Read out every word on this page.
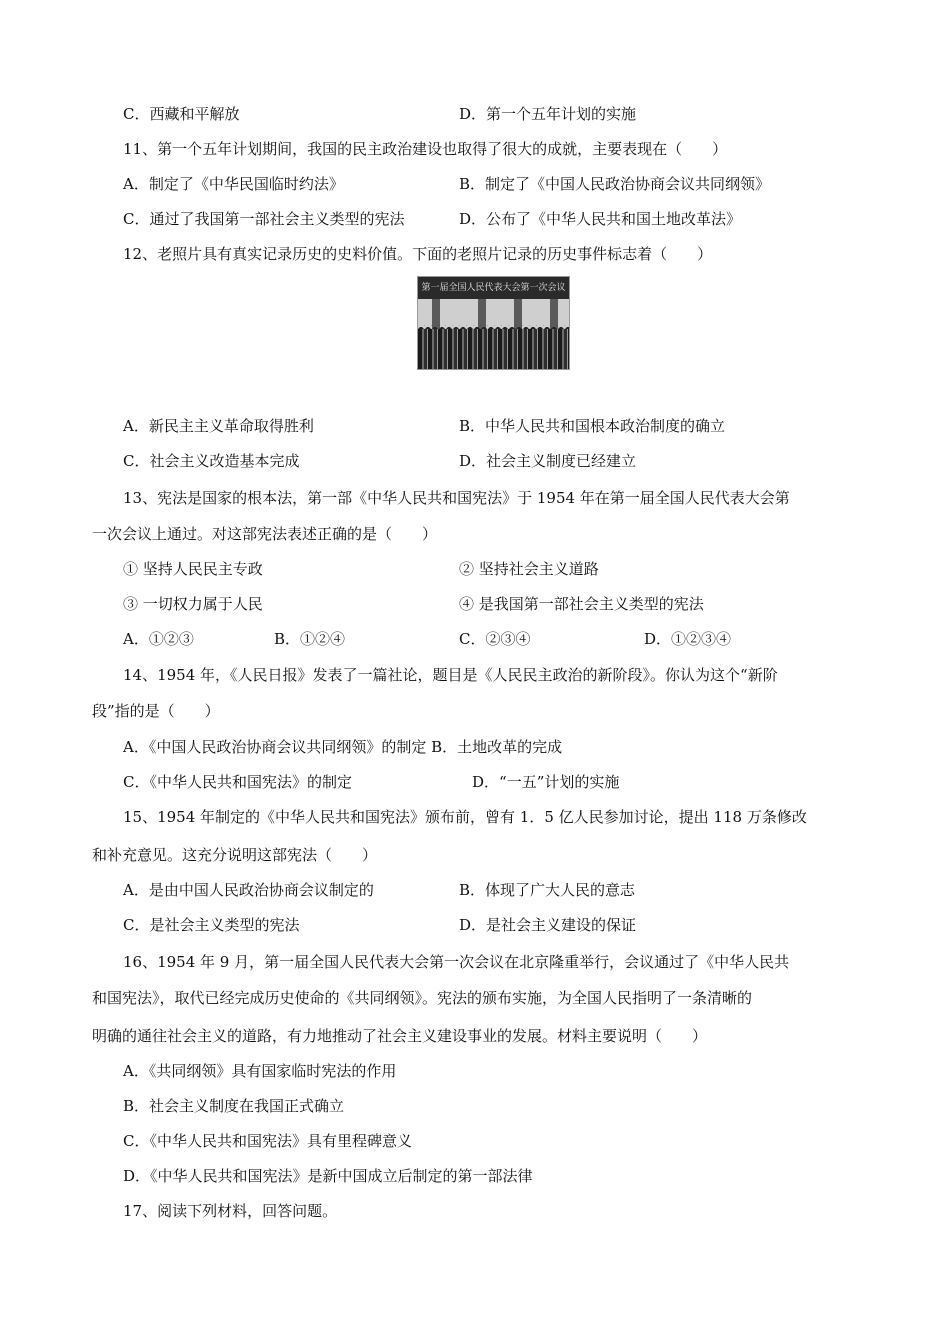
C．西藏和平解放	D．第一个五年计划的实施
11、第一个五年计划期间，我国的民主政治建设也取得了很大的成就，主要表现在（　　）
A．制定了《中华民国临时约法》	B．制定了《中国人民政治协商会议共同纲领》
C．通过了我国第一部社会主义类型的宪法	D．公布了《中华人民共和国土地改革法》
12、老照片具有真实记录历史的史料价值。下面的老照片记录的历史事件标志着（　　）
A．新民主主义革命取得胜利	B．中华人民共和国根本政治制度的确立
C．社会主义改造基本完成	D．社会主义制度已经建立
13、宪法是国家的根本法，第一部《中华人民共和国宪法》于 1954 年在第一届全国人民代表大会第
一次会议上通过。对这部宪法表述正确的是（　　）
① 坚持人民民主专政	② 坚持社会主义道路
③ 一切权力属于人民	④ 是我国第一部社会主义类型的宪法
A．①②③	B．①②④	C．②③④	D．①②③④
14、1954 年，《人民日报》发表了一篇社论，题目是《人民民主政治的新阶段》。你认为这个“新阶
段”指的是（　　）
A．《中国人民政治协商会议共同纲领》的制定 B．土地改革的完成
C．《中华人民共和国宪法》的制定	D．“一五”计划的实施
15、1954 年制定的《中华人民共和国宪法》颁布前，曾有 1．5 亿人民参加讨论，提出 118 万条修改
和补充意见。这充分说明这部宪法（　　）
A．是由中国人民政治协商会议制定的	B．体现了广大人民的意志
C．是社会主义类型的宪法	D．是社会主义建设的保证
16、1954 年 9 月，第一届全国人民代表大会第一次会议在北京隆重举行，会议通过了《中华人民共
和国宪法》，取代已经完成历史使命的《共同纲领》。宪法的颁布实施，为全国人民指明了一条清晰的
明确的通往社会主义的道路，有力地推动了社会主义建设事业的发展。材料主要说明（　　）
A．《共同纲领》具有国家临时宪法的作用
B．社会主义制度在我国正式确立
C．《中华人民共和国宪法》具有里程碑意义
D．《中华人民共和国宪法》是新中国成立后制定的第一部法律
17、阅读下列材料，回答问题。
第一届全国人民代表大会第一次会议
